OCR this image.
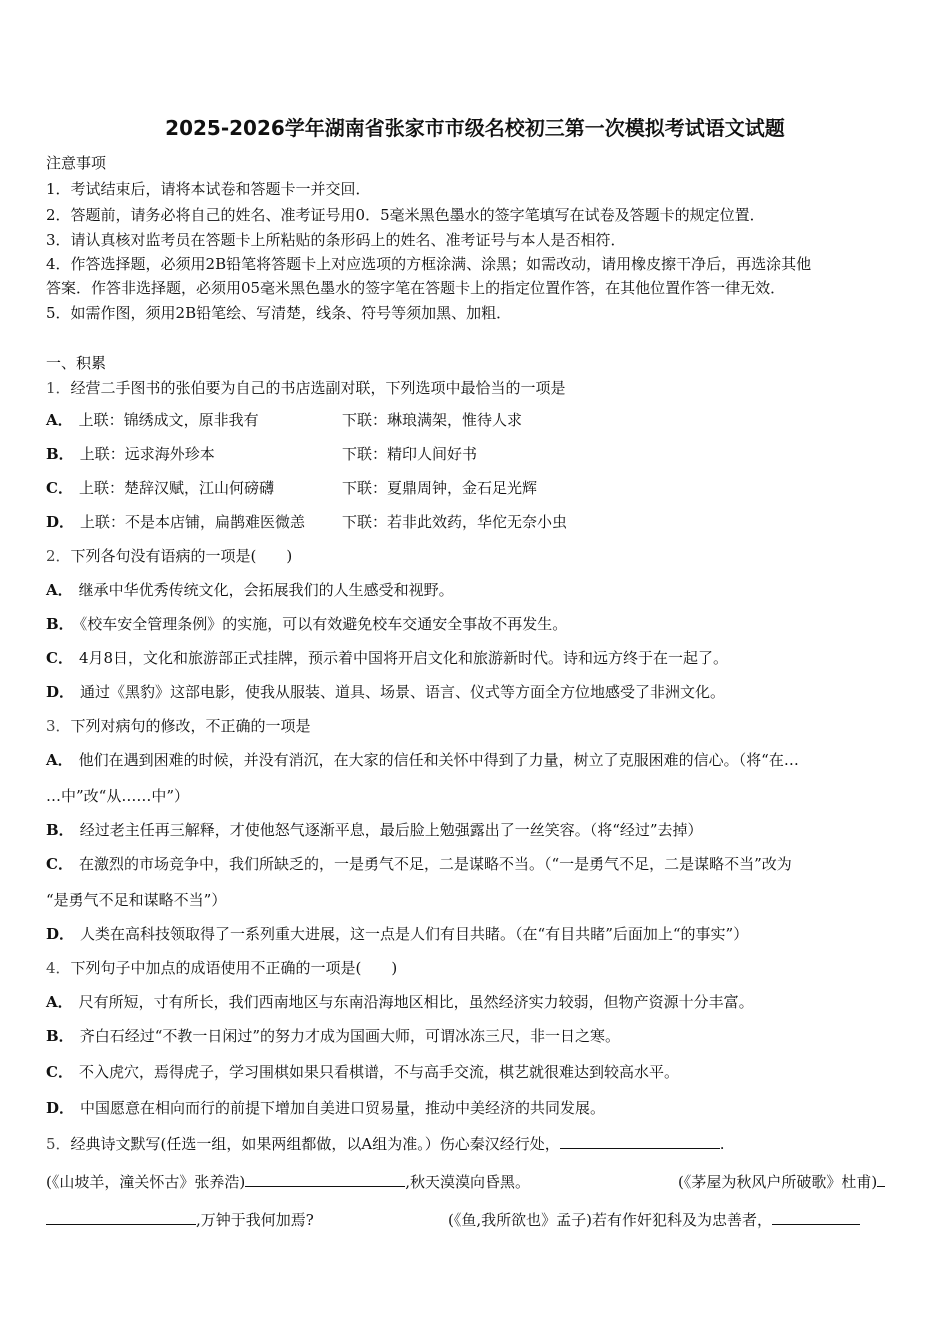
2025-2026学年湖南省张家市市级名校初三第一次模拟考试语文试题
注意事项
1．考试结束后，请将本试卷和答题卡一并交回．
2．答题前，请务必将自己的姓名、准考证号用0．5毫米黑色墨水的签字笔填写在试卷及答题卡的规定位置．
3．请认真核对监考员在答题卡上所粘贴的条形码上的姓名、准考证号与本人是否相符．
4．作答选择题，必须用2B铅笔将答题卡上对应选项的方框涂满、涂黑；如需改动，请用橡皮擦干净后，再选涂其他
答案．作答非选择题，必须用05毫米黑色墨水的签字笔在答题卡上的指定位置作答，在其他位置作答一律无效．
5．如需作图，须用2B铅笔绘、写清楚，线条、符号等须加黑、加粗．
一、积累
1．经营二手图书的张伯要为自己的书店选副对联，下列选项中最恰当的一项是
A． 上联：锦绣成文，原非我有	下联：琳琅满架，惟待人求
B． 上联：远求海外珍本	下联：精印人间好书
C． 上联：楚辞汉赋，江山何磅礴	下联：夏鼎周钟，金石足光辉
D． 上联：不是本店铺，扁鹊难医微恙 下联：若非此效药，华佗无奈小虫
2．下列各句没有语病的一项是(　　)
A． 继承中华优秀传统文化，会拓展我们的人生感受和视野。
B． 《校车安全管理条例》的实施，可以有效避免校车交通安全事故不再发生。
C． 4月8日，文化和旅游部正式挂牌，预示着中国将开启文化和旅游新时代。诗和远方终于在一起了。
D． 通过《黑豹》这部电影，使我从服装、道具、场景、语言、仪式等方面全方位地感受了非洲文化。
3．下列对病句的修改，不正确的一项是
A． 他们在遇到困难的时候，并没有消沉，在大家的信任和关怀中得到了力量，树立了克服困难的信心。（将“在…
…中”改“从……中”）
B． 经过老主任再三解释，才使他怒气逐渐平息，最后脸上勉强露出了一丝笑容。（将“经过”去掉）
C． 在激烈的市场竞争中，我们所缺乏的，一是勇气不足，二是谋略不当。（“一是勇气不足，二是谋略不当”改为
“是勇气不足和谋略不当”）
D． 人类在高科技领取得了一系列重大进展，这一点是人们有目共睹。（在“有目共睹”后面加上“的事实”）
4．下列句子中加点的成语使用不正确的一项是(　　)
A． 尺有所短，寸有所长，我们西南地区与东南沿海地区相比，虽然经济实力较弱，但物产资源十分丰富。
B． 齐白石经过“不教一日闲过”的努力才成为国画大师，可谓冰冻三尺，非一日之寒。
C． 不入虎穴，焉得虎子，学习围棋如果只看棋谱，不与高手交流，棋艺就很难达到较高水平。
D． 中国愿意在相向而行的前提下增加自美进口贸易量，推动中美经济的共同发展。
5．经典诗文默写(任选一组，如果两组都做，以A组为准。）伤心秦汉经行处，	.
(《山坡羊，潼关怀古》张养浩)	,秋天漠漠向昏黑。	(《茅屋为秋风户所破歌》杜甫)
,万钟于我何加焉?	(《鱼,我所欲也》孟子)若有作奸犯科及为忠善者，
